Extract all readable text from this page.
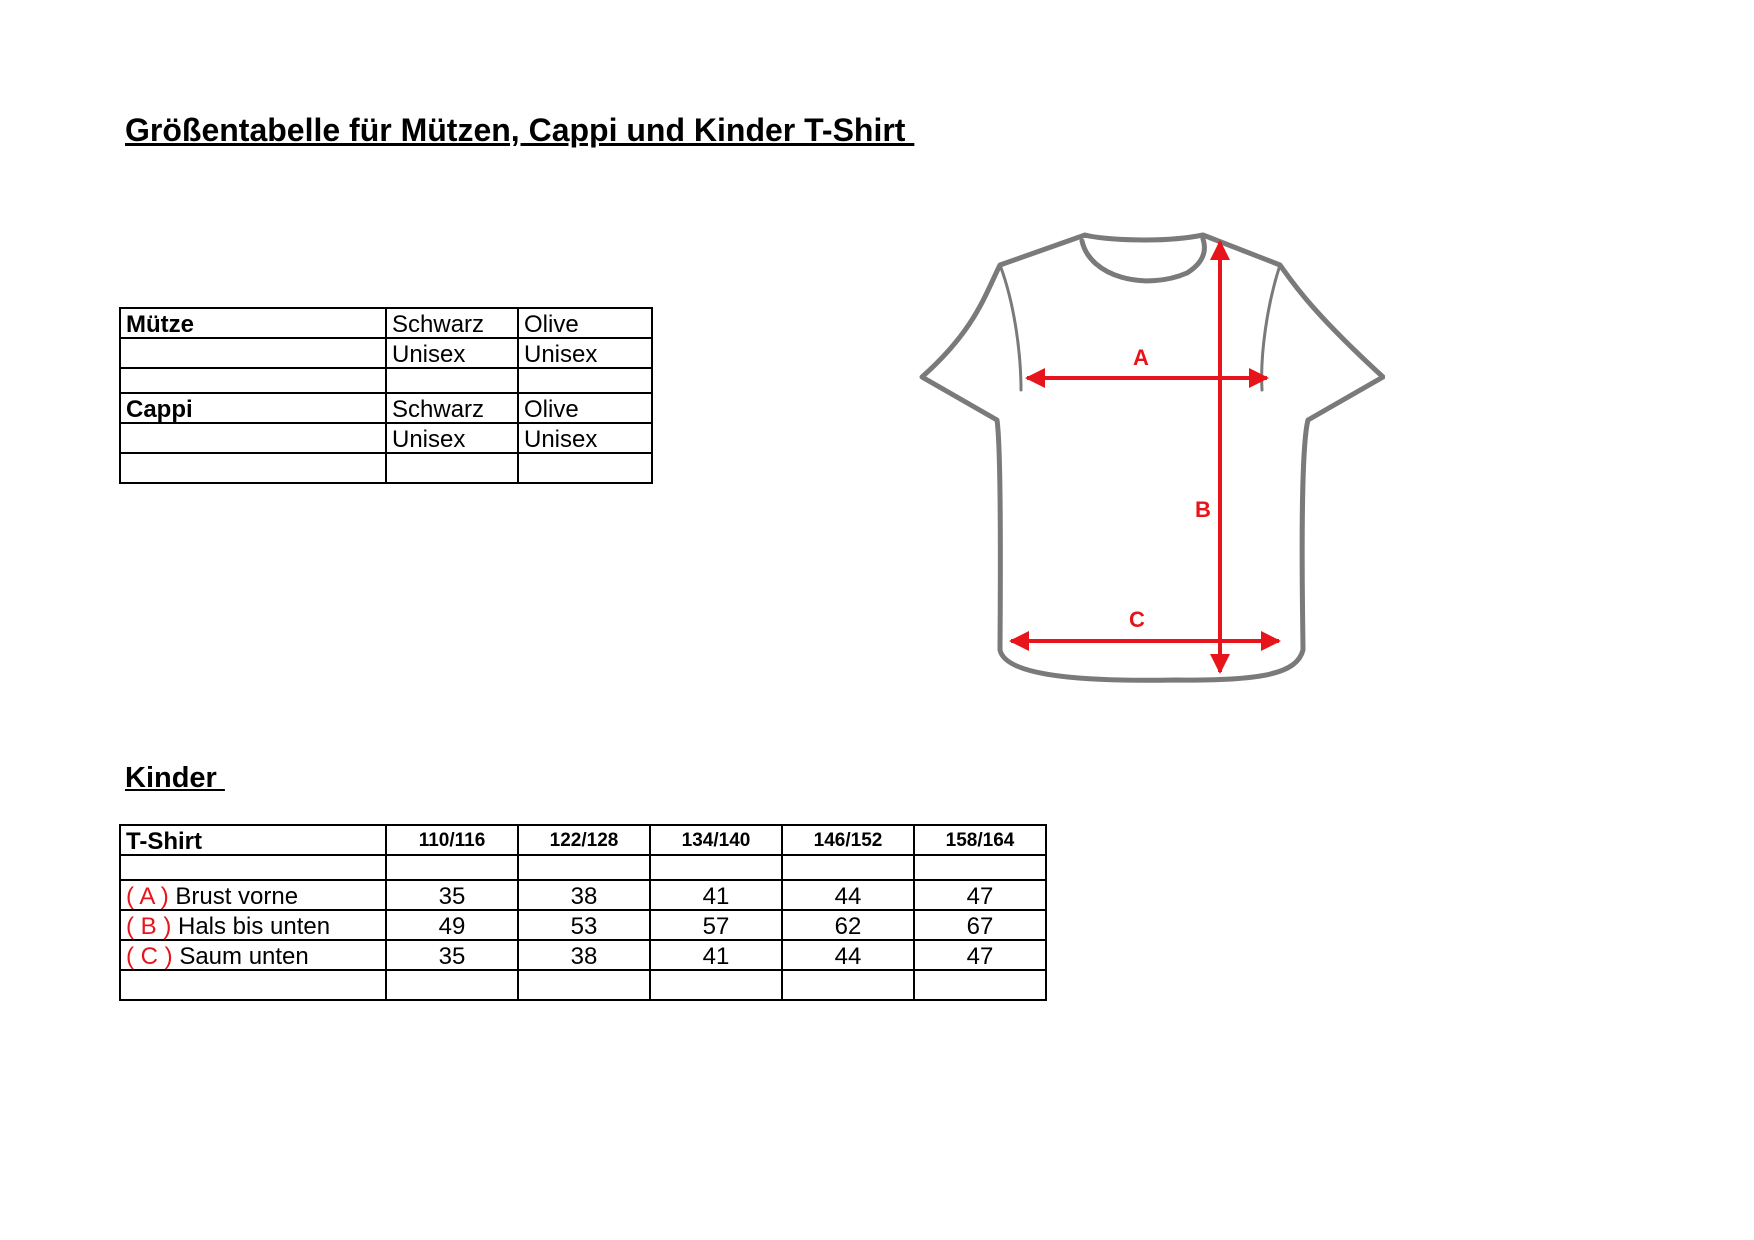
Größentabelle für Mützen, Cappi und Kinder T-Shirt
Mütze	Schwarz	Olive
	Unisex	Unisex

Cappi	Schwarz	Olive
	Unisex	Unisex

A
B
C
Kinder
T-Shirt	110/116	122/128	134/140	146/152	158/164

( A ) Brust vorne	35	38	41	44	47
( B ) Hals bis unten	49	53	57	62	67
( C ) Saum unten	35	38	41	44	47
